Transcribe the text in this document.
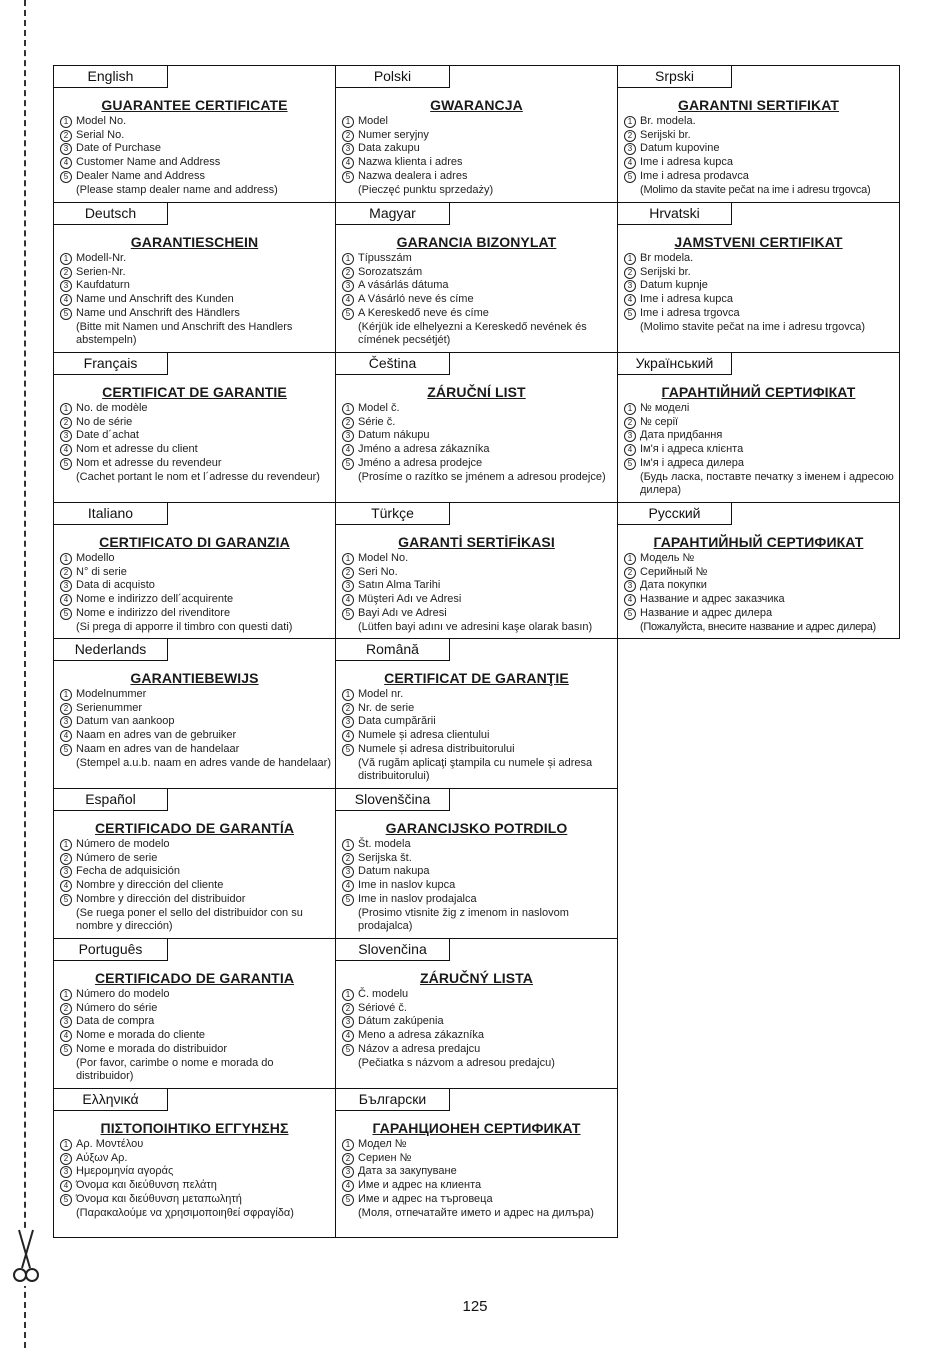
English
GUARANTEE CERTIFICATE
1 Model No.
2 Serial No.
3 Date of Purchase
4 Customer Name and Address
5 Dealer Name and Address
(Please stamp dealer name and address)
Deutsch
GARANTIESCHEIN
1 Modell-Nr.
2 Serien-Nr.
3 Kaufdaturn
4 Name und Anschrift des Kunden
5 Name und Anschrift des Händlers
(Bitte mit Namen und Anschrift des Handlers abstempeln)
Français
CERTIFICAT DE GARANTIE
1 No. de modèle
2 No de série
3 Date d´achat
4 Nom et adresse du client
5 Nom et adresse du revendeur
(Cachet portant le nom et l´adresse du revendeur)
Italiano
CERTIFICATO DI GARANZIA
1 Modello
2 N° di serie
3 Data di acquisto
4 Nome e indirizzo dell´acquirente
5 Nome e indirizzo del rivenditore
(Si prega di apporre il timbro con questi dati)
Nederlands
GARANTIEBEWIJS
1 Modelnummer
2 Serienummer
3 Datum van aankoop
4 Naam en adres van de gebruiker
5 Naam en adres van de handelaar
(Stempel a.u.b. naam en adres vande de handelaar)
Español
CERTIFICADO DE GARANTÍA
1 Número de modelo
2 Número de serie
3 Fecha de adquisición
4 Nombre y dirección del cliente
5 Nombre y dirección del distribuidor
(Se ruega poner el sello del distribuidor con su nombre y dirección)
Português
CERTIFICADO DE GARANTIA
1 Número do modelo
2 Número do série
3 Data de compra
4 Nome e morada do cliente
5 Nome e morada do distribuidor
(Por favor, carimbe o nome e morada do distribuidor)
Ελληνικά
ΠΙΣΤΟΠΟΙΗΤΙΚΟ ΕΓΓΥΗΣΗΣ
1 Αρ. Μοντέλου
2 Αύξων Αρ.
3 Ημερομηνία αγοράς
4 Όνομα και διεύθυνση πελάτη
5 Όνομα και διεύθυνση μεταπωλητή
(Παρακαλούμε να χρησιμοποιηθεί σφραγίδα)
Polski
GWARANCJA
1 Model
2 Numer seryjny
3 Data zakupu
4 Nazwa klienta i adres
5 Nazwa dealera i adres
(Pieczęć punktu sprzedaży)
Magyar
GARANCIA BIZONYLAT
1 Típusszám
2 Sorozatszám
3 A vásárlás dátuma
4 A Vásárló neve és címe
5 A Kereskedő neve és címe
(Kérjük ide elhelyezni a Kereskedő nevének és címének pecsétjét)
Čeština
ZÁRUČNÍ LIST
1 Model č.
2 Série č.
3 Datum nákupu
4 Jméno a adresa zákazníka
5 Jméno a adresa prodejce
(Prosíme o razítko se jménem a adresou prodejce)
Türkçe
GARANTİ SERTİFİKASI
1 Model No.
2 Seri No.
3 Satın Alma Tarihi
4 Müşteri Adı ve Adresi
5 Bayi Adı ve Adresi
(Lütfen bayi adını ve adresini kaşe olarak basın)
Română
CERTIFICAT DE GARANŢIE
1 Model nr.
2 Nr. de serie
3 Data cumpărării
4 Numele și adresa clientului
5 Numele și adresa distribuitorului
(Vă rugăm aplicaţi ştampila cu numele și adresa distribuitorului)
Slovenščina
GARANCIJSKO POTRDILO
1 Št. modela
2 Serijska št.
3 Datum nakupa
4 Ime in naslov kupca
5 Ime in naslov prodajalca
(Prosimo vtisnite žig z imenom in naslovom prodajalca)
Slovenčina
ZÁRUČNÝ LISTA
1 Č. modelu
2 Sériové č.
3 Dátum zakúpenia
4 Meno a adresa zákazníka
5 Názov a adresa predajcu
(Pečiatka s názvom a adresou predajcu)
Български
ГАРАНЦИОНЕН СЕРТИФИКАТ
1 Модел №
2 Сериен №
3 Дата за закупуване
4 Име и адрес на клиента
5 Име и адрес на търговеца
(Моля, отпечатайте името и адрес на дилъра)
Srpski
GARANTNI SERTIFIKAT
1 Br. modela.
2 Serijski br.
3 Datum kupovine
4 Ime i adresa kupca
5 Ime i adresa prodavca
(Molimo da stavite pečat na ime i adresu trgovca)
Hrvatski
JAMSTVENI CERTIFIKAT
1 Br modela.
2 Serijski br.
3 Datum kupnje
4 Ime i adresa kupca
5 Ime i adresa trgovca
(Molimo stavite pečat na ime i adresu trgovca)
Український
ГАРАНТІЙНИЙ СЕРТИФІКАТ
1 № моделі
2 № серії
3 Дата придбання
4 Ім'я і адреса клієнта
5 Ім'я і адреса дилера
(Будь ласка, поставте печатку з іменем і адресою дилера)
Русский
ГАРАНТИЙНЫЙ СЕРТИФИКАТ
1 Модель №
2 Серийный №
3 Дата покупки
4 Название и адрес заказчика
5 Название и адрес дилера
(Пожалуйста, внесите название и адрес дилера)
125
